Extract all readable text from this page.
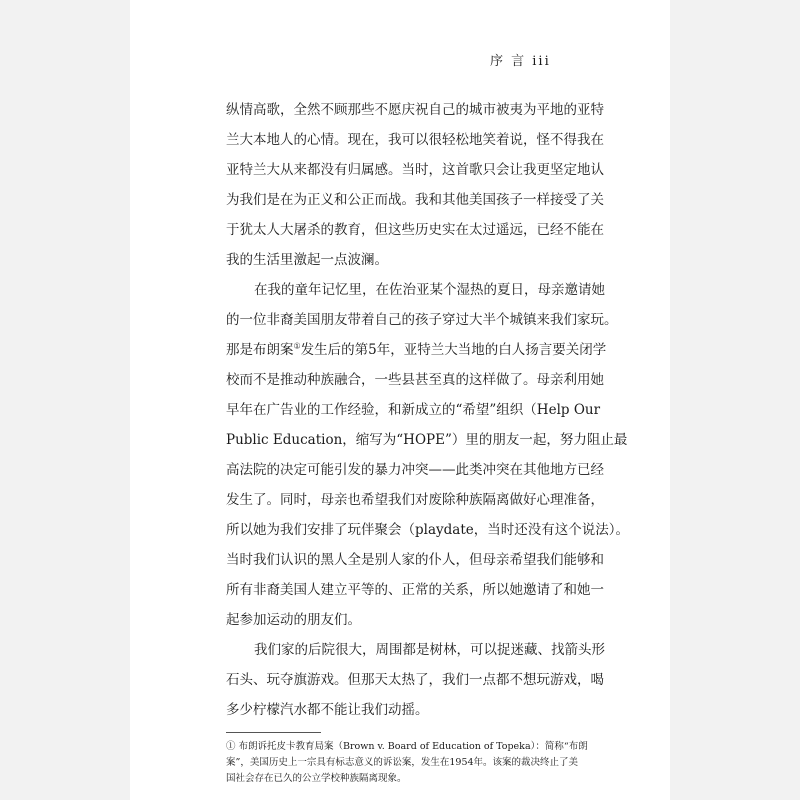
序 言 iii
纵情高歌，全然不顾那些不愿庆祝自己的城市被夷为平地的亚特
兰大本地人的心情。现在，我可以很轻松地笑着说，怪不得我在
亚特兰大从来都没有归属感。当时，这首歌只会让我更坚定地认
为我们是在为正义和公正而战。我和其他美国孩子一样接受了关
于犹太人大屠杀的教育，但这些历史实在太过遥远，已经不能在
我的生活里激起一点波澜。
在我的童年记忆里，在佐治亚某个湿热的夏日，母亲邀请她
的一位非裔美国朋友带着自己的孩子穿过大半个城镇来我们家玩。
那是布朗案①发生后的第5年，亚特兰大当地的白人扬言要关闭学
校而不是推动种族融合，一些县甚至真的这样做了。母亲利用她
早年在广告业的工作经验，和新成立的“希望”组织（Help Our
Public Education，缩写为“HOPE”）里的朋友一起，努力阻止最
高法院的决定可能引发的暴力冲突——此类冲突在其他地方已经
发生了。同时，母亲也希望我们对废除种族隔离做好心理准备，
所以她为我们安排了玩伴聚会（playdate，当时还没有这个说法）。
当时我们认识的黑人全是别人家的仆人，但母亲希望我们能够和
所有非裔美国人建立平等的、正常的关系，所以她邀请了和她一
起参加运动的朋友们。
我们家的后院很大，周围都是树林，可以捉迷藏、找箭头形
石头、玩夺旗游戏。但那天太热了，我们一点都不想玩游戏，喝
多少柠檬汽水都不能让我们动摇。
① 布朗诉托皮卡教育局案（Brown v. Board of Education of Topeka）：简称“布朗
案”，美国历史上一宗具有标志意义的诉讼案，发生在1954年。该案的裁决终止了美
国社会存在已久的公立学校种族隔离现象。
